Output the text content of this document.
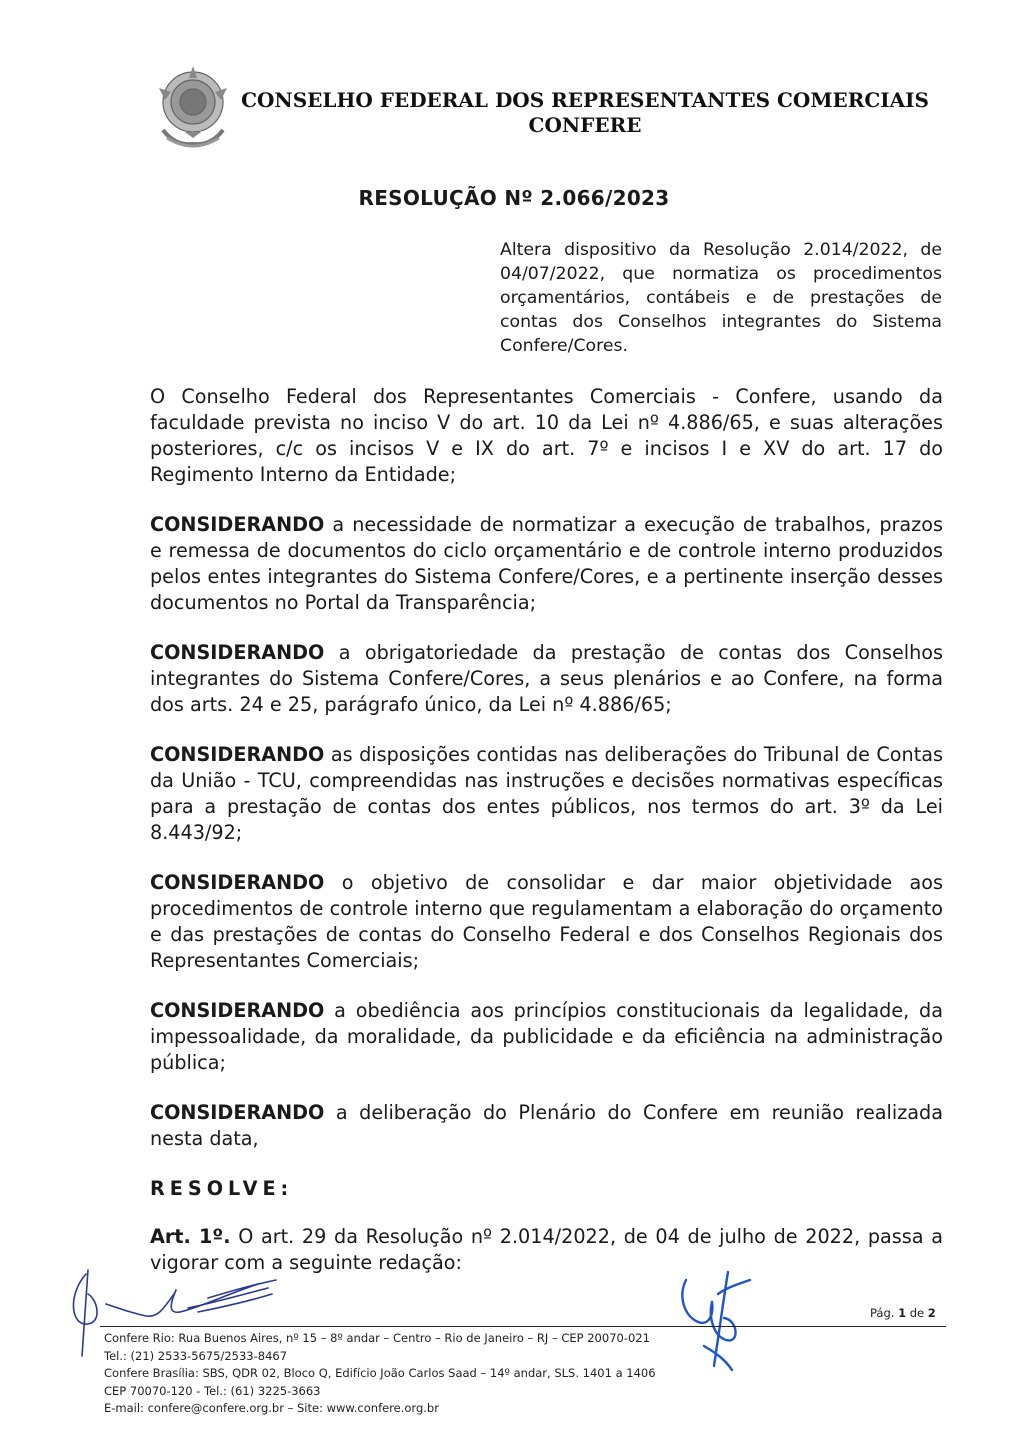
CONSELHO FEDERAL DOS REPRESENTANTES COMERCIAIS
CONFERE
RESOLUÇÃO Nº 2.066/2023
Altera dispositivo da Resolução 2.014/2022, de 04/07/2022, que normatiza os procedimentos orçamentários, contábeis e de prestações de contas dos Conselhos integrantes do Sistema Confere/Cores.

O Conselho Federal dos Representantes Comerciais - Confere, usando da faculdade prevista no inciso V do art. 10 da Lei nº 4.886/65, e suas alterações posteriores, c/c os incisos V e IX do art. 7º e incisos I e XV do art. 17 do Regimento Interno da Entidade;

CONSIDERANDO a necessidade de normatizar a execução de trabalhos, prazos e remessa de documentos do ciclo orçamentário e de controle interno produzidos pelos entes integrantes do Sistema Confere/Cores, e a pertinente inserção desses documentos no Portal da Transparência;

CONSIDERANDO a obrigatoriedade da prestação de contas dos Conselhos integrantes do Sistema Confere/Cores, a seus plenários e ao Confere, na forma dos arts. 24 e 25, parágrafo único, da Lei nº 4.886/65;

CONSIDERANDO as disposições contidas nas deliberações do Tribunal de Contas da União - TCU, compreendidas nas instruções e decisões normativas específicas para a prestação de contas dos entes públicos, nos termos do art. 3º da Lei 8.443/92;

CONSIDERANDO o objetivo de consolidar e dar maior objetividade aos procedimentos de controle interno que regulamentam a elaboração do orçamento e das prestações de contas do Conselho Federal e dos Conselhos Regionais dos Representantes Comerciais;

CONSIDERANDO a obediência aos princípios constitucionais da legalidade, da impessoalidade, da moralidade, da publicidade e da eficiência na administração pública;

CONSIDERANDO a deliberação do Plenário do Confere em reunião realizada nesta data,

RESOLVE:

Art. 1º. O art. 29 da Resolução nº 2.014/2022, de 04 de julho de 2022, passa a vigorar com a seguinte redação:

Pág. 1 de 2
Confere Rio: Rua Buenos Aires, nº 15 – 8º andar – Centro – Rio de Janeiro – RJ – CEP 20070-021
Tel.: (21) 2533-5675/2533-8467
Confere Brasília: SBS, QDR 02, Bloco Q, Edifício João Carlos Saad – 14º andar, SLS. 1401 a 1406
CEP 70070-120 - Tel.: (61) 3225-3663
E-mail: confere@confere.org.br – Site: www.confere.org.br
